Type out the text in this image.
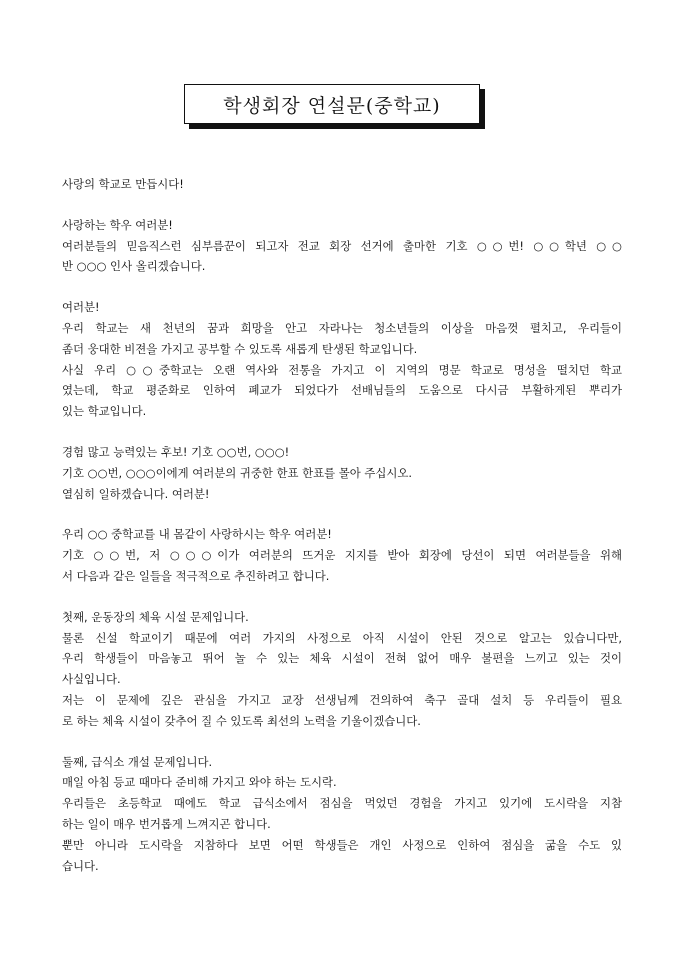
학생회장 연설문(중학교)
사랑의 학교로 만듭시다!
사랑하는 학우 여러분!
여러분들의 믿음직스런 심부름꾼이 되고자 전교 회장 선거에 출마한 기호 ○○번! ○○학년 ○○
반 ○○○ 인사 올리겠습니다.
여러분!
우리 학교는 새 천년의 꿈과 희망을 안고 자라나는 청소년들의 이상을 마음껏 펼치고, 우리들이
좀더 웅대한 비젼을 가지고 공부할 수 있도록 새롭게 탄생된 학교입니다.
사실 우리 ○○중학교는 오랜 역사와 전통을 가지고 이 지역의 명문 학교로 명성을 떨치던 학교
였는데, 학교 평준화로 인하여 폐교가 되었다가 선배님들의 도움으로 다시금 부활하게된 뿌리가
있는 학교입니다.
경험 많고 능력있는 후보! 기호 ○○번, ○○○!
기호 ○○번, ○○○이에게 여러분의 귀중한 한표 한표를 몰아 주십시오.
열심히 일하겠습니다. 여러분!
우리 ○○ 중학교를 내 몸같이 사랑하시는 학우 여러분!
기호 ○○번, 저 ○○○이가 여러분의 뜨거운 지지를 받아 회장에 당선이 되면 여러분들을 위해
서 다음과 같은 일들을 적극적으로 추진하려고 합니다.
첫째, 운동장의 체육 시설 문제입니다.
물론 신설 학교이기 때문에 여러 가지의 사정으로 아직 시설이 안된 것으로 알고는 있습니다만,
우리 학생들이 마음놓고 뛰어 놀 수 있는 체육 시설이 전혀 없어 매우 불편을 느끼고 있는 것이
사실입니다.
저는 이 문제에 깊은 관심을 가지고 교장 선생님께 건의하여 축구 골대 설치 등 우리들이 필요
로 하는 체육 시설이 갖추어 질 수 있도록 최선의 노력을 기울이겠습니다.
둘째, 급식소 개설 문제입니다.
매일 아침 등교 때마다 준비해 가지고 와야 하는 도시락.
우리들은 초등학교 때에도 학교 급식소에서 점심을 먹었던 경험을 가지고 있기에 도시락을 지참
하는 일이 매우 번거롭게 느껴지곤 합니다.
뿐만 아니라 도시락을 지참하다 보면 어떤 학생들은 개인 사정으로 인하여 점심을 굶을 수도 있
습니다.
